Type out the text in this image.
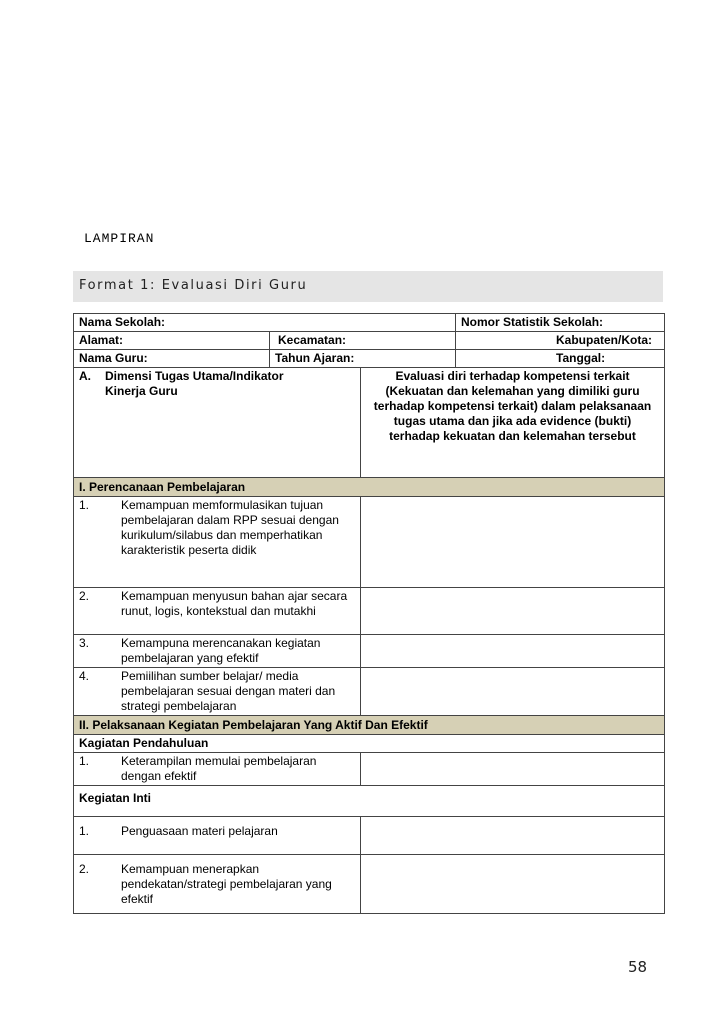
LAMPIRAN
Format 1: Evaluasi Diri Guru
Nama Sekolah:			Nomor Statistik Sekolah:
Alamat:	Kecamatan:		Kabupaten/Kota:
Nama Guru:	Tahun Ajaran:		Tanggal:

A. Dimensi Tugas Utama/Indikator Kinerja Guru		Evaluasi diri terhadap kompetensi terkait (Kekuatan dan kelemahan yang dimiliki guru terhadap kompetensi terkait) dalam pelaksanaan tugas utama dan jika ada evidence (bukti) terhadap kekuatan dan kelemahan tersebut	
I. Perencanaan Pembelajaran			

1. Kemampuan memformulasikan tujuan pembelajaran dalam RPP sesuai dengan kurikulum/silabus dan memperhatikan karakteristik peserta didik			

2. Kemampuan menyusun bahan ajar secara runut, logis, kontekstual dan mutakhi			

3. Kemampuna merencanakan kegiatan pembelajaran yang efektif			

4. Pemiilihan sumber belajar/ media pembelajaran sesuai dengan materi dan strategi pembelajaran			

II. Pelaksanaan Kegiatan Pembelajaran Yang Aktif Dan Efektif			
Kagiatan Pendahuluan			

1. Keterampilan memulai pembelajaran dengan efektif			

Kegiatan Inti			

1. Penguasaan materi pelajaran			

2. Kemampuan menerapkan pendekatan/strategi pembelajaran yang efektif			

58
